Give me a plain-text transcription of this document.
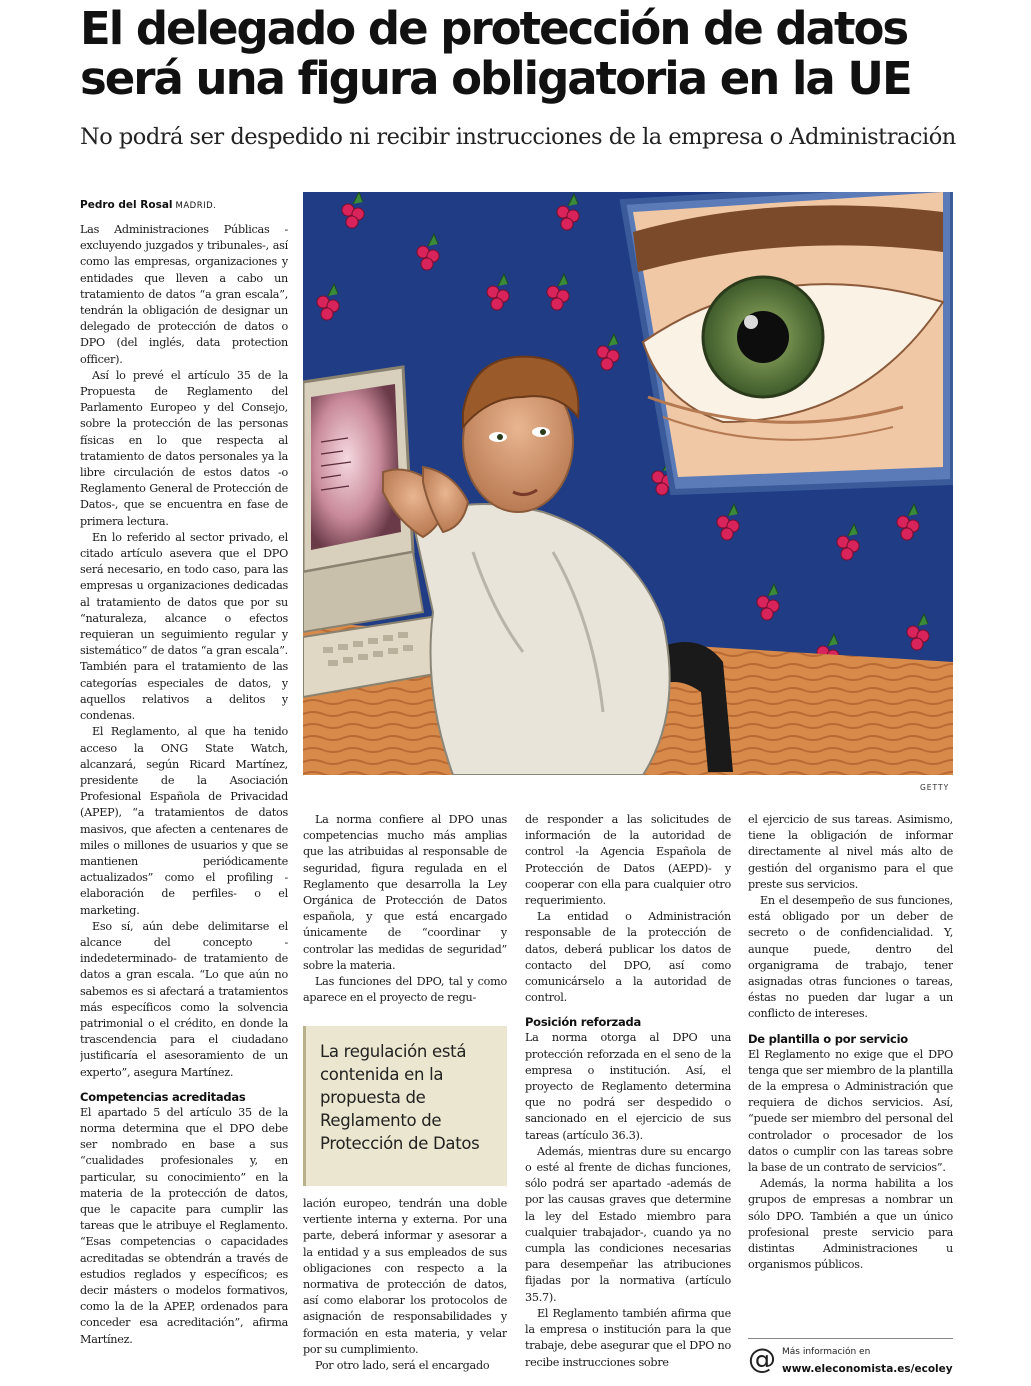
El delegado de protección de datos
será una figura obligatoria en la UE
No podrá ser despedido ni recibir instrucciones de la empresa o Administración
Pedro del Rosal MADRID.

Las Administraciones Públicas -excluyendo juzgados y tribunales-, así como las empresas, organizaciones y entidades que lleven a cabo un tratamiento de datos “a gran escala”, tendrán la obligación de designar un delegado de protección de datos o DPO (del inglés, data protection officer).

Así lo prevé el artículo 35 de la Propuesta de Reglamento del Parlamento Europeo y del Consejo, sobre la protección de las personas físicas en lo que respecta al tratamiento de datos personales ya la libre circulación de estos datos -o Reglamento General de Protección de Datos-, que se encuentra en fase de primera lectura.

En lo referido al sector privado, el citado artículo asevera que el DPO será necesario, en todo caso, para las empresas u organizaciones dedicadas al tratamiento de datos que por su “naturaleza, alcance o efectos requieran un seguimiento regular y sistemático” de datos “a gran escala”. También para el tratamiento de las categorías especiales de datos, y aquellos relativos a delitos y condenas.

El Reglamento, al que ha tenido acceso la ONG State Watch, alcanzará, según Ricard Martínez, presidente de la Asociación Profesional Española de Privacidad (APEP), “a tratamientos de datos masivos, que afecten a centenares de miles o millones de usuarios y que se mantienen periódicamente actualizados” como el profiling -elaboración de perfiles- o el marketing.

Eso sí, aún debe delimitarse el alcance del concepto -indedeterminado- de tratamiento de datos a gran escala. “Lo que aún no sabemos es si afectará a tratamientos más específicos como la solvencia patrimonial o el crédito, en donde la trascendencia para el ciudadano justificaría el asesoramiento de un experto”, asegura Martínez.

Competencias acreditadas

El apartado 5 del artículo 35 de la norma determina que el DPO debe ser nombrado en base a sus “cualidades profesionales y, en particular, su conocimiento” en la materia de la protección de datos, que le capacite para cumplir las tareas que le atribuye el Reglamento. “Esas competencias o capacidades acreditadas se obtendrán a través de estudios reglados y específicos; es decir másters o modelos formativos, como la de la APEP, ordenados para conceder esa acreditación”, afirma Martínez.

GETTY

La norma confiere al DPO unas competencias mucho más amplias que las atribuidas al responsable de seguridad, figura regulada en el Reglamento que desarrolla la Ley Orgánica de Protección de Datos española, y que está encargado únicamente de “coordinar y controlar las medidas de seguridad” sobre la materia.

Las funciones del DPO, tal y como aparece en el proyecto de regu-

La regulación está contenida en la propuesta de Reglamento de Protección de Datos

lación europeo, tendrán una doble vertiente interna y externa. Por una parte, deberá informar y asesorar a la entidad y a sus empleados de sus obligaciones con respecto a la normativa de protección de datos, así como elaborar los protocolos de asignación de responsabilidades y formación en esta materia, y velar por su cumplimiento.

Por otro lado, será el encargado

de responder a las solicitudes de información de la autoridad de control -la Agencia Española de Protección de Datos (AEPD)- y cooperar con ella para cualquier otro requerimiento.

La entidad o Administración responsable de la protección de datos, deberá publicar los datos de contacto del DPO, así como comunicárselo a la autoridad de control.

Posición reforzada

La norma otorga al DPO una protección reforzada en el seno de la empresa o institución. Así, el proyecto de Reglamento determina que no podrá ser despedido o sancionado en el ejercicio de sus tareas (artículo 36.3).

Además, mientras dure su encargo o esté al frente de dichas funciones, sólo podrá ser apartado -además de por las causas graves que determine la ley del Estado miembro para cualquier trabajador-, cuando ya no cumpla las condiciones necesarias para desempeñar las atribuciones fijadas por la normativa (artículo 35.7).

El Reglamento también afirma que la empresa o institución para la que trabaje, debe asegurar que el DPO no recibe instrucciones sobre

el ejercicio de sus tareas. Asimismo, tiene la obligación de informar directamente al nivel más alto de gestión del organismo para el que preste sus servicios.

En el desempeño de sus funciones, está obligado por un deber de secreto o de confidencialidad. Y, aunque puede, dentro del organigrama de trabajo, tener asignadas otras funciones o tareas, éstas no pueden dar lugar a un conflicto de intereses.

De plantilla o por servicio

El Reglamento no exige que el DPO tenga que ser miembro de la plantilla de la empresa o Administración que requiera de dichos servicios. Así, “puede ser miembro del personal del controlador o procesador de los datos o cumplir con las tareas sobre la base de un contrato de servicios”.

Además, la norma habilita a los grupos de empresas a nombrar un sólo DPO. También a que un único profesional preste servicio para distintas Administraciones u organismos públicos.

@ Más información en
www.eleconomista.es/ecoley
